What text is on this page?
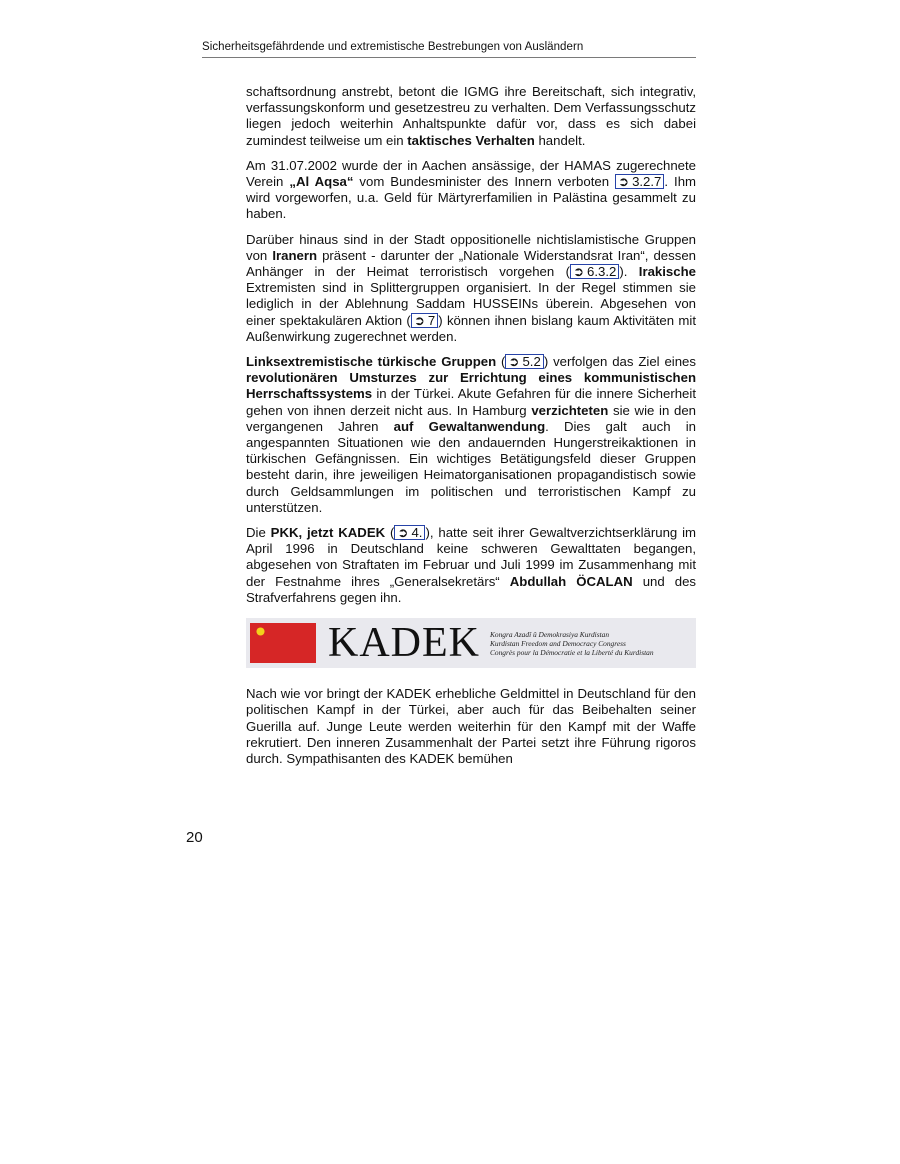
Sicherheitsgefährdende und extremistische Bestrebungen von Ausländern

schaftsordnung anstrebt, betont die IGMG ihre Bereitschaft, sich integrativ, verfassungskonform und gesetzestreu zu verhalten. Dem Verfassungsschutz liegen jedoch weiterhin Anhaltspunkte dafür vor, dass es sich dabei zumindest teilweise um ein taktisches Verhalten handelt.

Am 31.07.2002 wurde der in Aachen ansässige, der HAMAS zugerechnete Verein „Al Aqsa“ vom Bundesminister des Innern verboten ➲ 3.2.7 . Ihm wird vorgeworfen, u.a. Geld für Märtyrerfamilien in Palästina gesammelt zu haben.

Darüber hinaus sind in der Stadt oppositionelle nichtislamistische Gruppen von Iranern präsent - darunter der „Nationale Widerstandsrat Iran“, dessen Anhänger in der Heimat terroristisch vorgehen ( ➲ 6.3.2 ). Irakische Extremisten sind in Splittergruppen organisiert. In der Regel stimmen sie lediglich in der Ablehnung Saddam HUSSEINs überein. Abgesehen von einer spektakulären Aktion ( ➲ 7 ) können ihnen bislang kaum Aktivitäten mit Außenwirkung zugerechnet werden.

Linksextremistische türkische Gruppen ( ➲ 5.2 ) verfolgen das Ziel eines revolutionären Umsturzes zur Errichtung eines kommunistischen Herrschaftssystems in der Türkei. Akute Gefahren für die innere Sicherheit gehen von ihnen derzeit nicht aus. In Hamburg verzichteten sie wie in den vergangenen Jahren auf Gewaltanwendung. Dies galt auch in angespannten Situationen wie den andauernden Hungerstreikaktionen in türkischen Gefängnissen. Ein wichtiges Betätigungsfeld dieser Gruppen besteht darin, ihre jeweiligen Heimatorganisationen propagandistisch sowie durch Geldsammlungen im politischen und terroristischen Kampf zu unterstützen.

Die PKK, jetzt KADEK ( ➲ 4. ), hatte seit ihrer Gewaltverzichtserklärung im April 1996 in Deutschland keine schweren Gewalttaten begangen, abgesehen von Straftaten im Februar und Juli 1999 im Zusammenhang mit der Festnahme ihres „Generalsekretärs“ Abdullah ÖCALAN und des Strafverfahrens gegen ihn.

KADEK Kongra Azadî û Demokrasiya Kurdistan
Kurdistan Freedom and Democracy Congress
Congrès pour la Démocratie et la Liberté du Kurdistan

Nach wie vor bringt der KADEK erhebliche Geldmittel in Deutschland für den politischen Kampf in der Türkei, aber auch für das Beibehalten seiner Guerilla auf. Junge Leute werden weiterhin für den Kampf mit der Waffe rekrutiert. Den inneren Zusammenhalt der Partei setzt ihre Führung rigoros durch. Sympathisanten des KADEK bemühen

20
